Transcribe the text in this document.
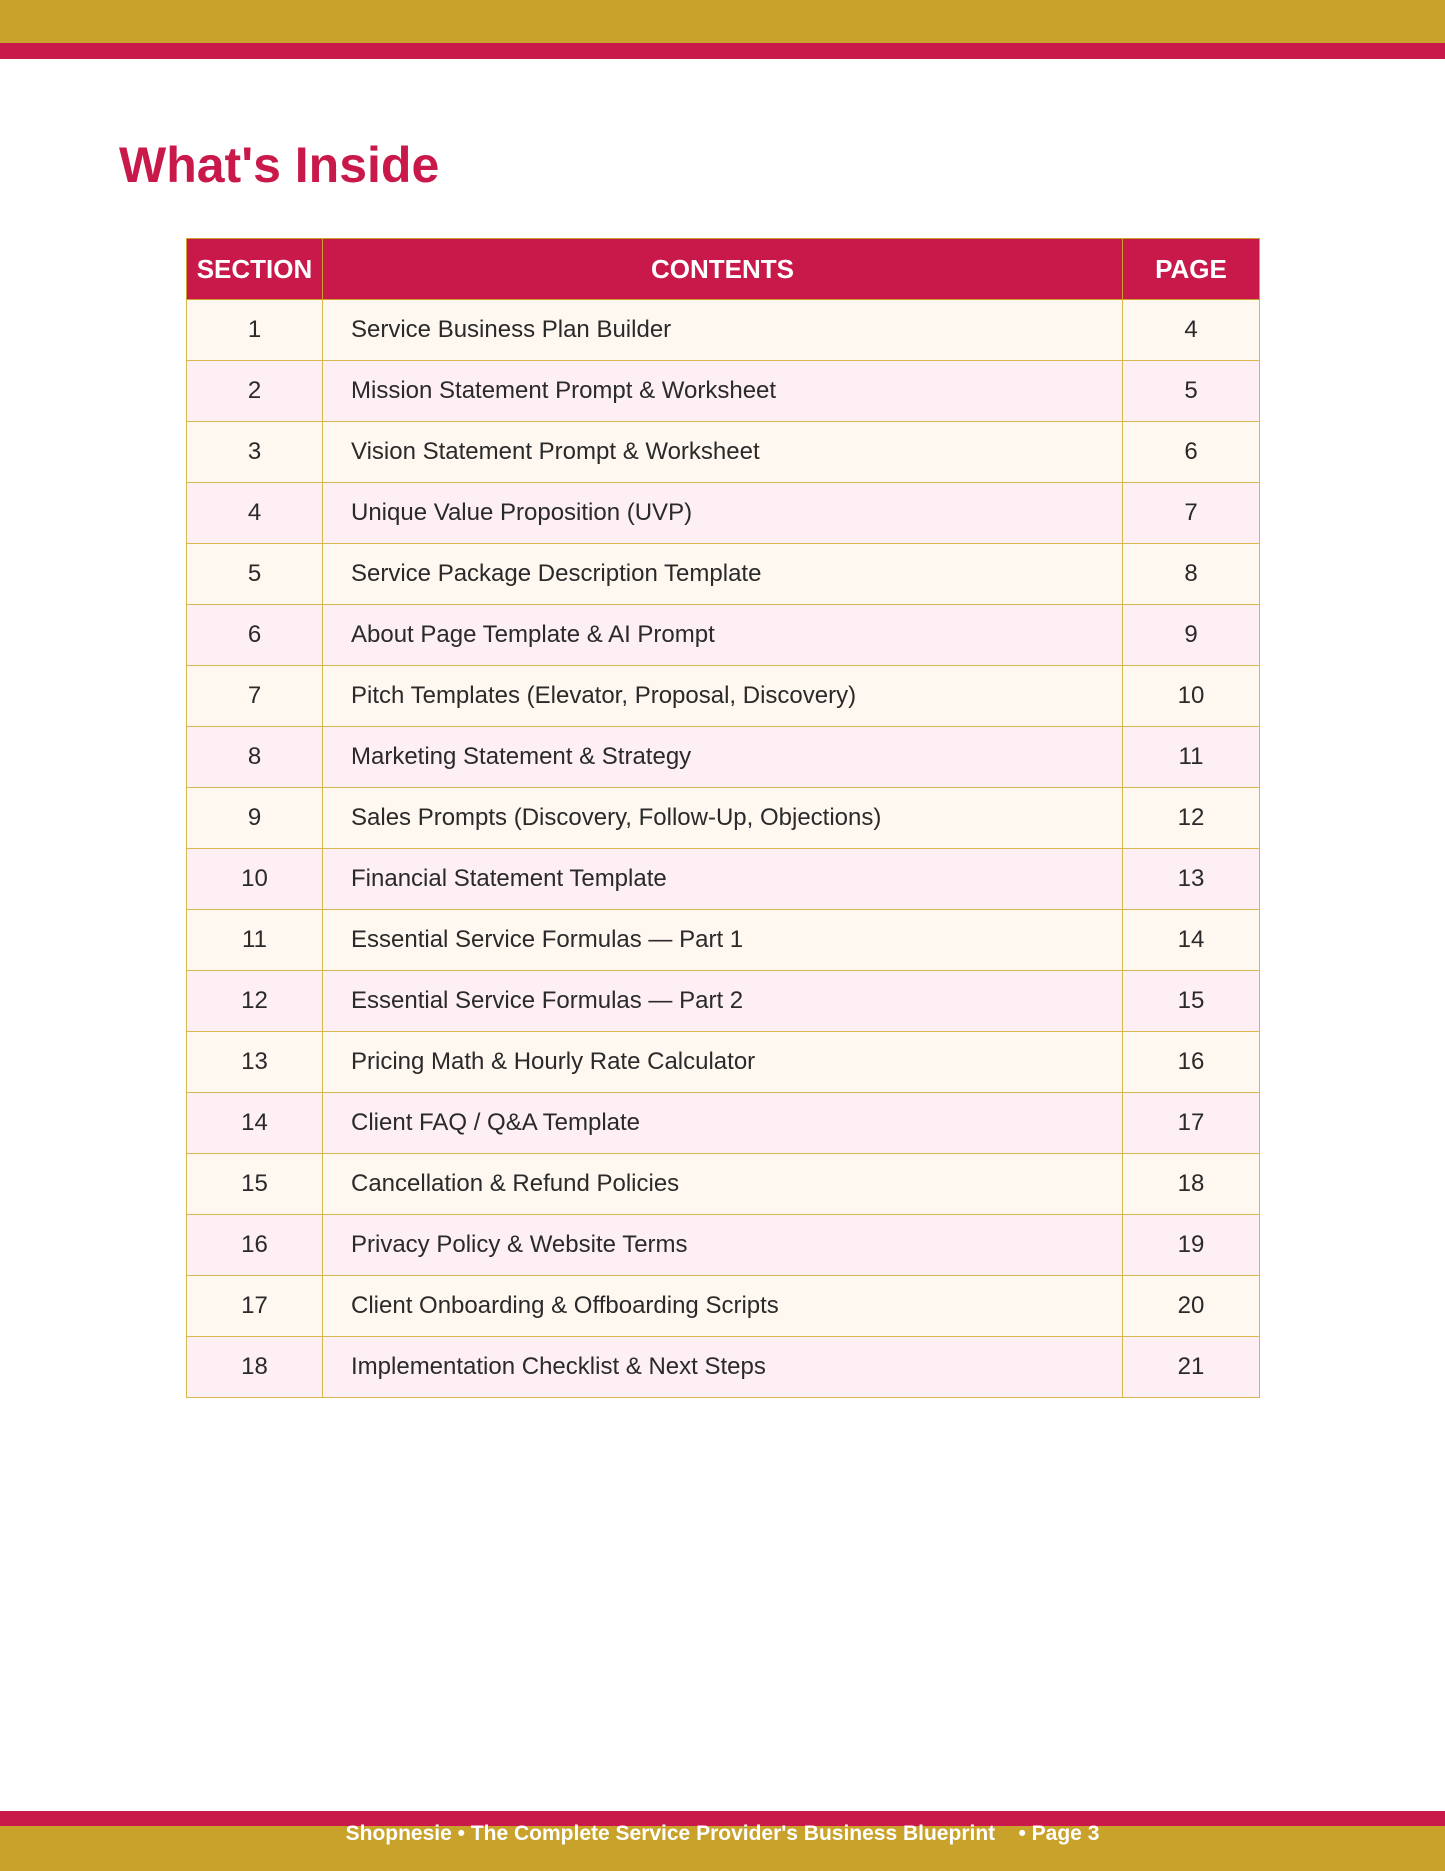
What's Inside
SECTION	CONTENTS	PAGE
1	Service Business Plan Builder	4
2	Mission Statement Prompt & Worksheet	5
3	Vision Statement Prompt & Worksheet	6
4	Unique Value Proposition (UVP)	7
5	Service Package Description Template	8
6	About Page Template & AI Prompt	9
7	Pitch Templates (Elevator, Proposal, Discovery)	10
8	Marketing Statement & Strategy	11
9	Sales Prompts (Discovery, Follow-Up, Objections)	12
10	Financial Statement Template	13
11	Essential Service Formulas — Part 1	14
12	Essential Service Formulas — Part 2	15
13	Pricing Math & Hourly Rate Calculator	16
14	Client FAQ / Q&A Template	17
15	Cancellation & Refund Policies	18
16	Privacy Policy & Website Terms	19
17	Client Onboarding & Offboarding Scripts	20
18	Implementation Checklist & Next Steps	21
Shopnesie • The Complete Service Provider's Business Blueprint    • Page 3
